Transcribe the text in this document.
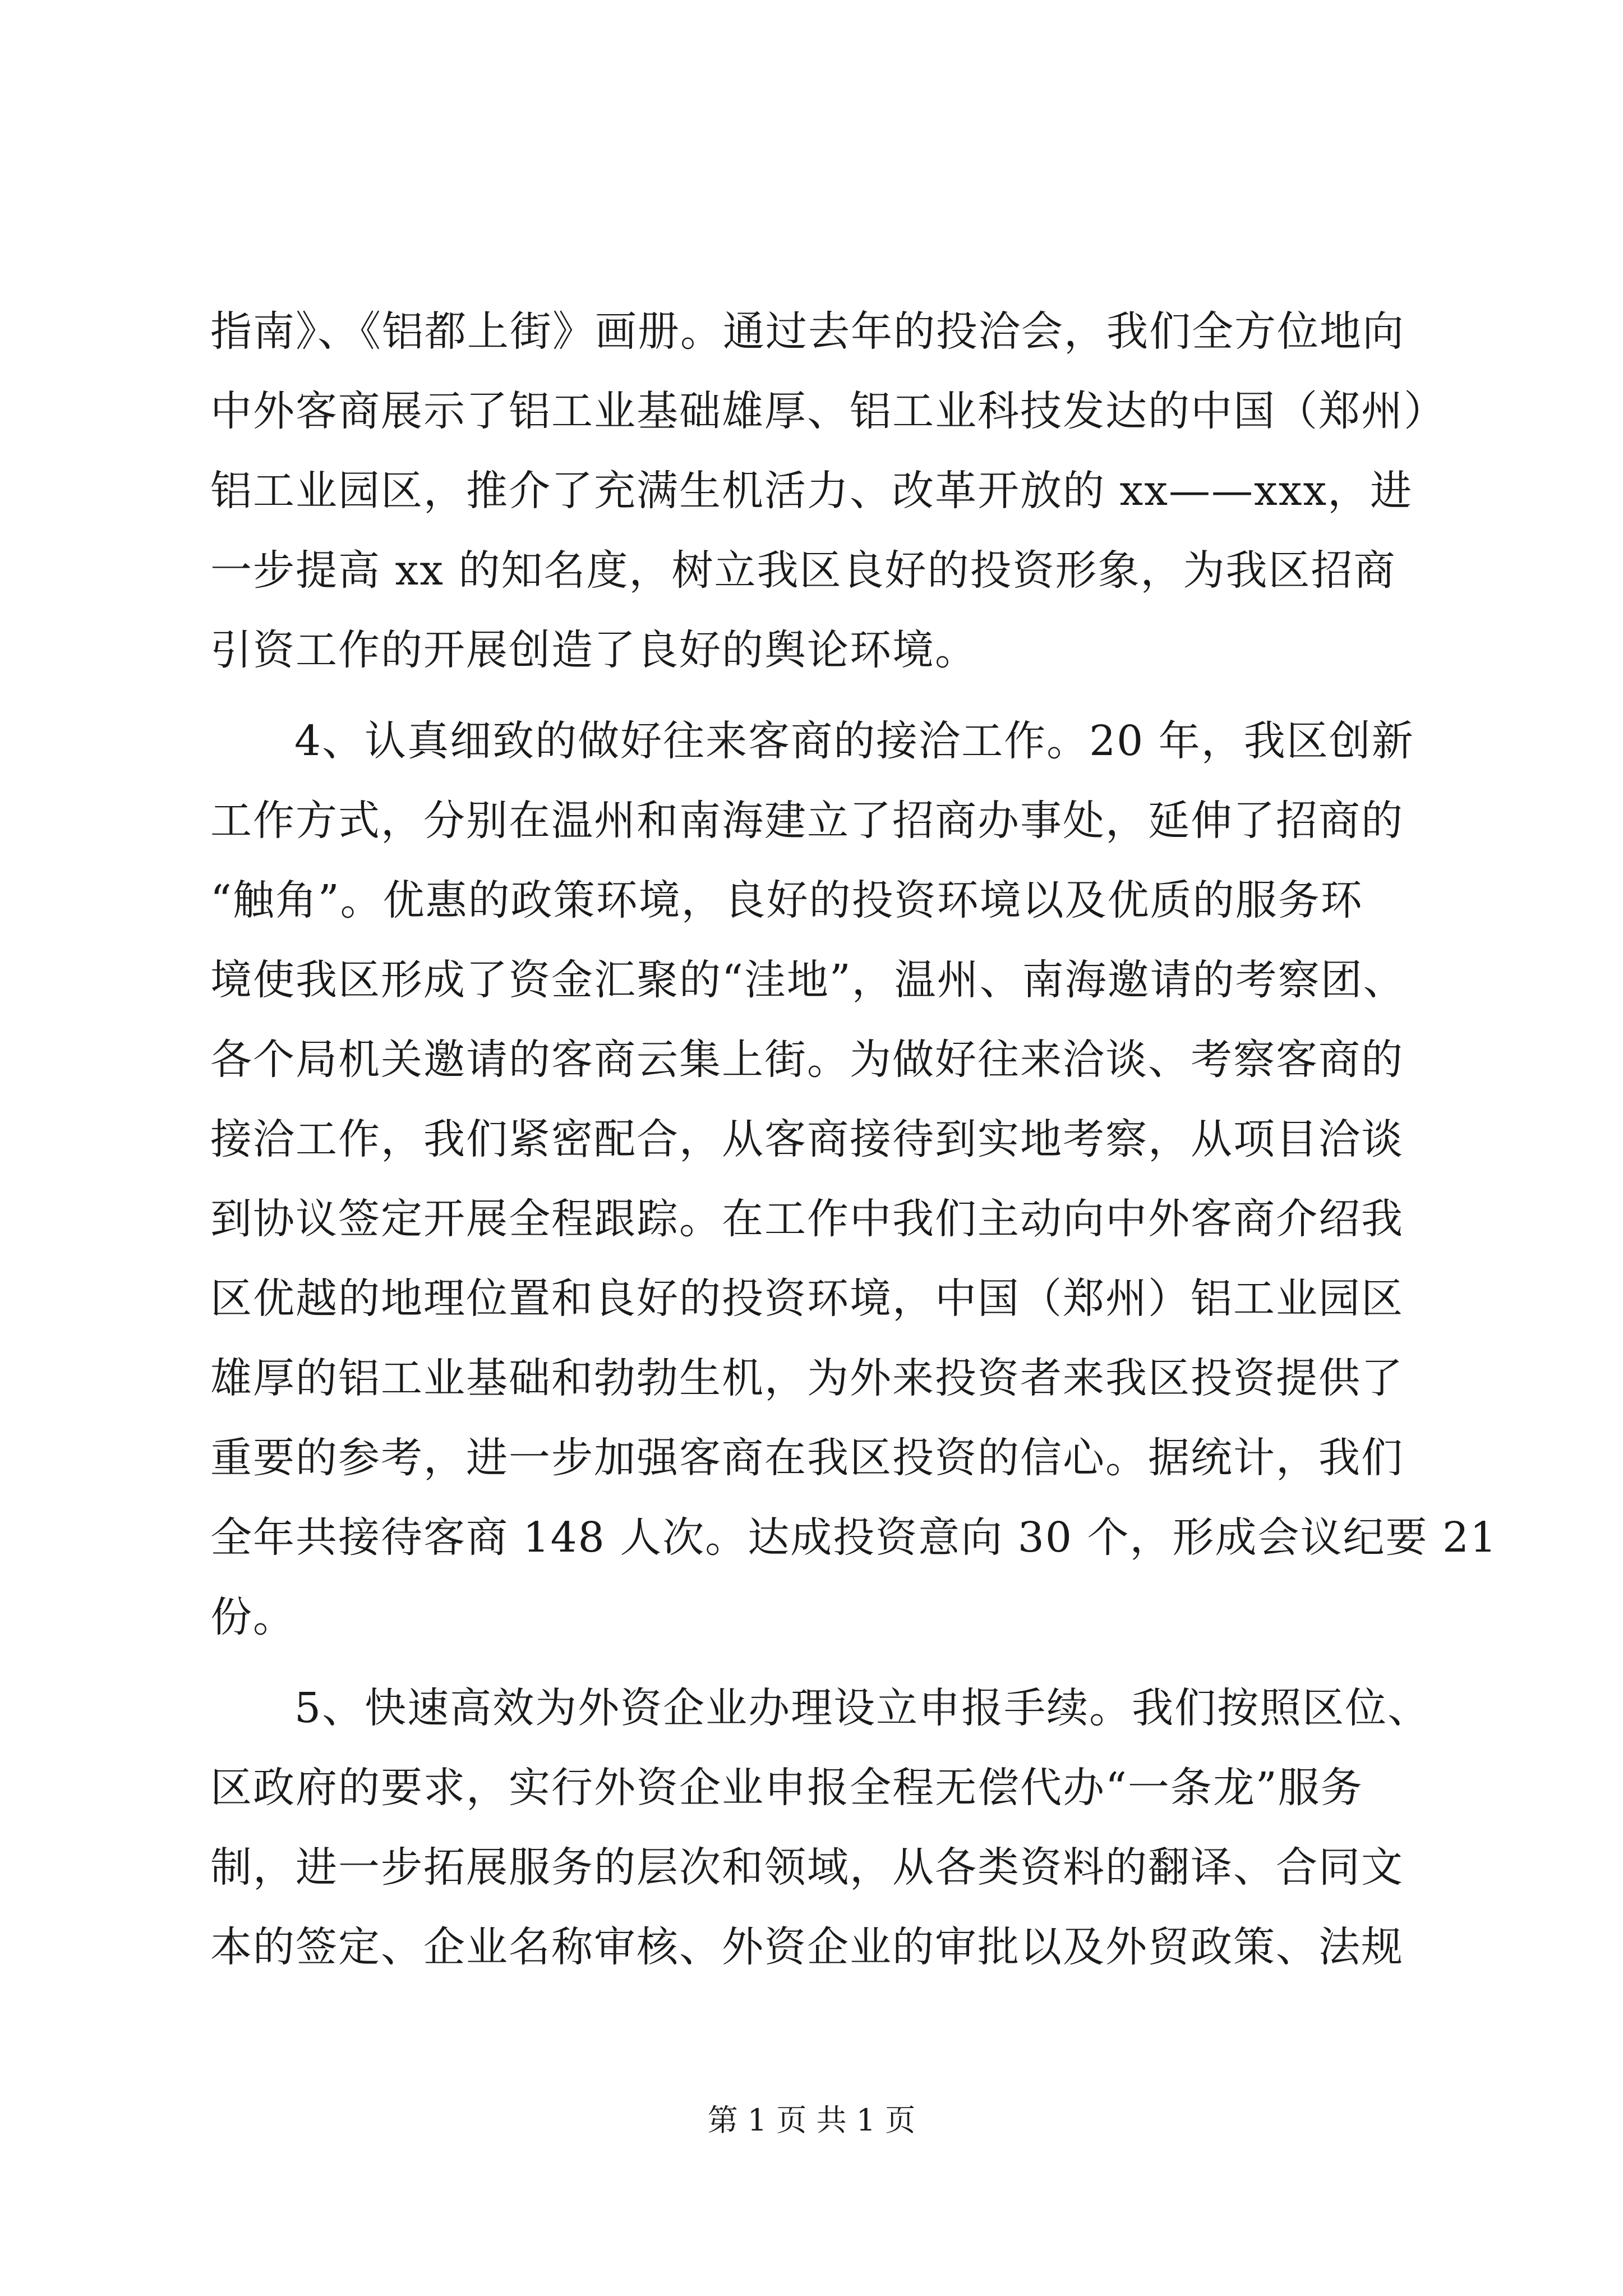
指南》、《铝都上街》画册。通过去年的投洽会，我们全方位地向
中外客商展示了铝工业基础雄厚、铝工业科技发达的中国（郑州）
铝工业园区，推介了充满生机活力、改革开放的 xx——xxx，进
一步提高 xx 的知名度，树立我区良好的投资形象，为我区招商
引资工作的开展创造了良好的舆论环境。
4、认真细致的做好往来客商的接洽工作。20 年，我区创新
工作方式，分别在温州和南海建立了招商办事处，延伸了招商的
“触角”。优惠的政策环境，良好的投资环境以及优质的服务环
境使我区形成了资金汇聚的“洼地”，温州、南海邀请的考察团、
各个局机关邀请的客商云集上街。为做好往来洽谈、考察客商的
接洽工作，我们紧密配合，从客商接待到实地考察，从项目洽谈
到协议签定开展全程跟踪。在工作中我们主动向中外客商介绍我
区优越的地理位置和良好的投资环境，中国（郑州）铝工业园区
雄厚的铝工业基础和勃勃生机，为外来投资者来我区投资提供了
重要的参考，进一步加强客商在我区投资的信心。据统计，我们
全年共接待客商 148 人次。达成投资意向 30 个，形成会议纪要 21
份。
5、快速高效为外资企业办理设立申报手续。我们按照区位、
区政府的要求，实行外资企业申报全程无偿代办“一条龙”服务
制，进一步拓展服务的层次和领域，从各类资料的翻译、合同文
本的签定、企业名称审核、外资企业的审批以及外贸政策、法规
第 1 页 共 1 页
